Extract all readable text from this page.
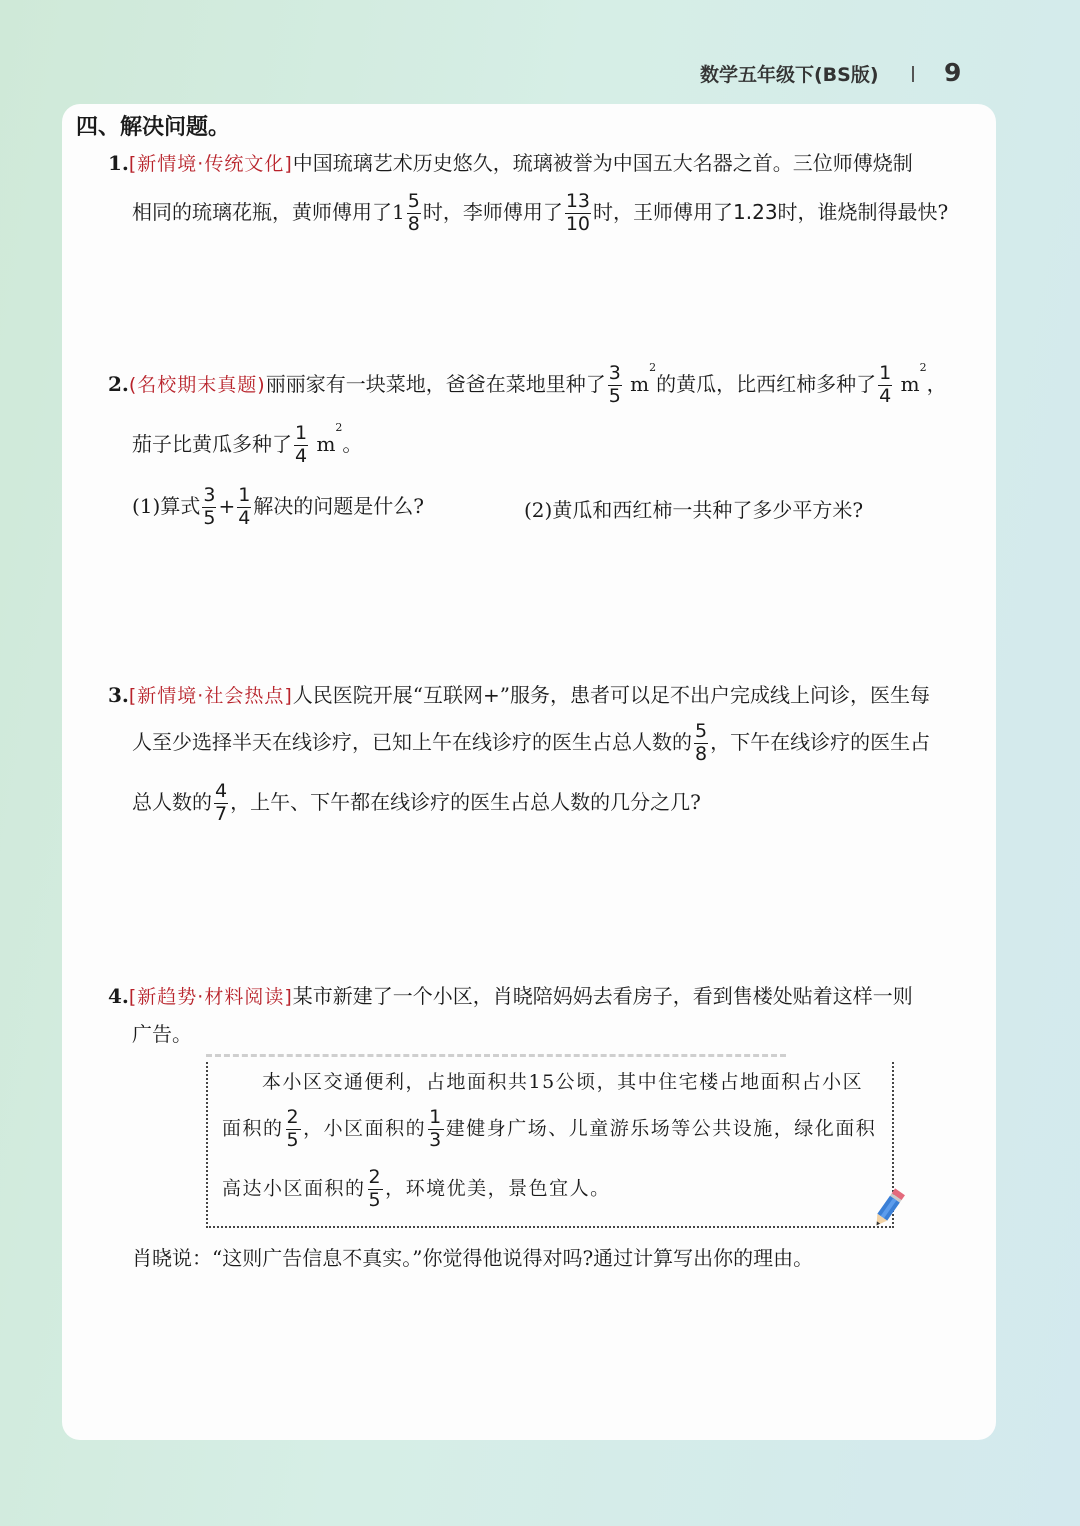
数学五年级下(BS版)	9
四、解决问题。
1.[新情境·传统文化]中国琉璃艺术历史悠久，琉璃被誉为中国五大名器之首。三位师傅烧制
相同的琉璃花瓶，黄师傅用了$1 \frac{5}{8}$ 时，李师傅用了 $\frac{13}{10}$ 时，王师傅用了1.23时，谁烧制得最快?
2.(名校期末真题)丽丽家有一块菜地，爸爸在菜地里种了 $\frac{3}{5} m^2$的黄瓜，比西红柿多种了 $\frac{1}{4} m^2$，
茄子比黄瓜多种了 $\frac{1}{4} m^2$。
(1)算式 $\frac{3}{5} + \frac{1}{4}$ 解决的问题是什么?	(2)黄瓜和西红柿一共种了多少平方米?
3.[新情境·社会热点]人民医院开展“互联网+”服务，患者可以足不出户完成线上问诊，医生每
人至少选择半天在线诊疗，已知上午在线诊疗的医生占总人数的 $\frac{5}{8}$ ，下午在线诊疗的医生占
总人数的 $\frac{4}{7}$ ，上午、下午都在线诊疗的医生占总人数的几分之几?
4.[新趋势·材料阅读]某市新建了一个小区，肖晓陪妈妈去看房子，看到售楼处贴着这样一则
广告。
本小区交通便利，占地面积共15公顷，其中住宅楼占地面积占小区
面积的 $\frac{2}{5}$ ，小区面积的 $\frac{1}{3}$ 建健身广场、儿童游乐场等公共设施，绿化面积
高达小区面积的 $\frac{2}{5}$ ，环境优美，景色宜人。
肖晓说：“这则广告信息不真实。”你觉得他说得对吗?通过计算写出你的理由。
